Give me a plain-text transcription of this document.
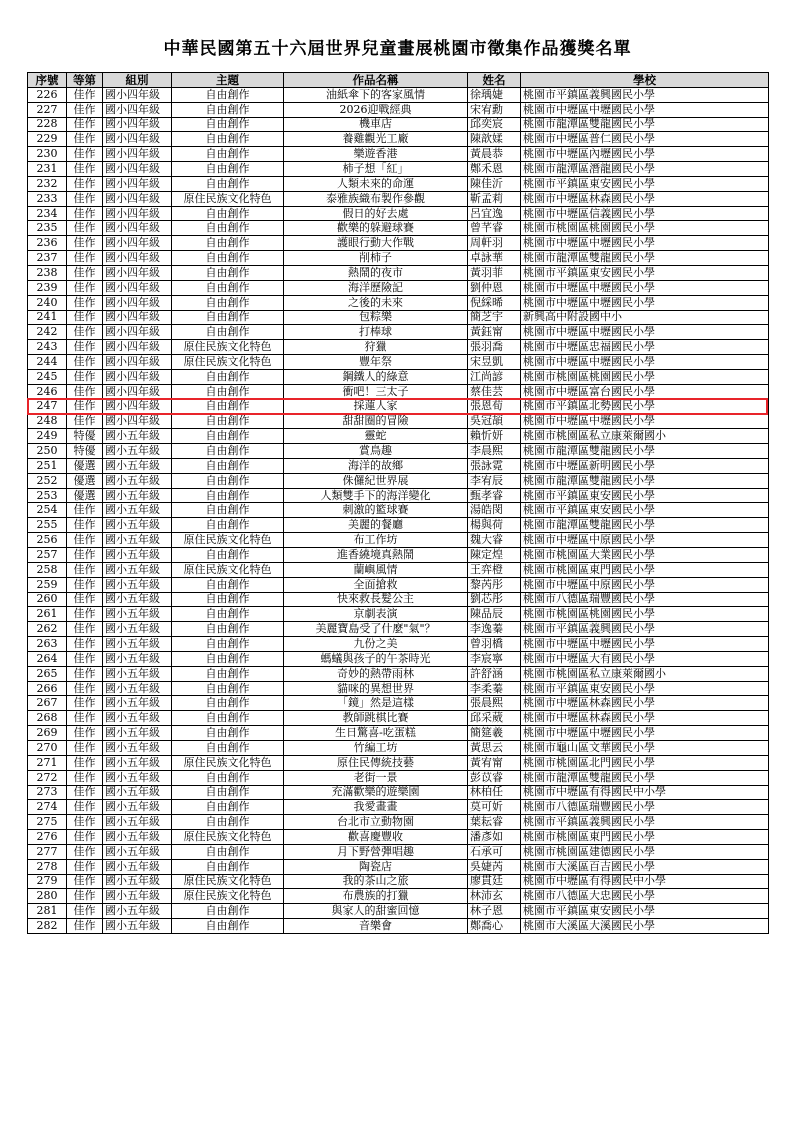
中華民國第五十六屆世界兒童畫展桃園市徵集作品獲獎名單
序號	等第	組別	主題	作品名稱	姓名	學校
226	佳作	國小四年級	自由創作	油紙傘下的客家風情	徐瑀婕	桃園市平鎮區義興國民小學
227	佳作	國小四年級	自由創作	2026迎戰經典	宋宥勳	桃園市中壢區中壢國民小學
228	佳作	國小四年級	自由創作	機車店	邱奕宸	桃園市龍潭區雙龍國民小學
229	佳作	國小四年級	自由創作	養雞觀光工廠	陳歆媃	桃園市中壢區普仁國民小學
230	佳作	國小四年級	自由創作	樂遊香港	黃晨恭	桃園市中壢區內壢國民小學
231	佳作	國小四年級	自由創作	柿子想「紅」	鄭禾恩	桃園市龍潭區潛龍國民小學
232	佳作	國小四年級	自由創作	人類未來的命運	陳佳沂	桃園市平鎮區東安國民小學
233	佳作	國小四年級	原住民族文化特色	泰雅族織布製作參觀	靳孟莉	桃園市中壢區林森國民小學
234	佳作	國小四年級	自由創作	假日的好去處	呂宜逸	桃園市中壢區信義國民小學
235	佳作	國小四年級	自由創作	歡樂的躲避球賽	曾芊睿	桃園市桃園區桃園國民小學
236	佳作	國小四年級	自由創作	護眼行動大作戰	周軒羽	桃園市中壢區中壢國民小學
237	佳作	國小四年級	自由創作	削柿子	卓詠華	桃園市龍潭區雙龍國民小學
238	佳作	國小四年級	自由創作	熱鬧的夜市	黃羽菲	桃園市平鎮區東安國民小學
239	佳作	國小四年級	自由創作	海洋歷險記	劉仲恩	桃園市中壢區中壢國民小學
240	佳作	國小四年級	自由創作	之後的未來	倪綵晞	桃園市中壢區中壢國民小學
241	佳作	國小四年級	自由創作	包粽樂	簡芝宇	新興高中附設國中小
242	佳作	國小四年級	自由創作	打棒球	黃鈺甯	桃園市中壢區中壢國民小學
243	佳作	國小四年級	原住民族文化特色	狩獵	張羽喬	桃園市中壢區忠福國民小學
244	佳作	國小四年級	原住民族文化特色	豐年祭	宋昱凱	桃園市中壢區中壢國民小學
245	佳作	國小四年級	自由創作	鋼鐵人的綠意	江尚諺	桃園市桃園區桃園國民小學
246	佳作	國小四年級	自由創作	衝吧！三太子	蔡佳芸	桃園市中壢區富台國民小學
247	佳作	國小四年級	自由創作	採蓮人家	張恩荀	桃園市平鎮區北勢國民小學
248	佳作	國小四年級	自由創作	甜甜圈的冒險	吳冠頡	桃園市中壢區中壢國民小學
249	特優	國小五年級	自由創作	靈蛇	賴忻妍	桃園市桃園區私立康萊爾國小
250	特優	國小五年級	自由創作	賞鳥趣	李晨熙	桃園市龍潭區雙龍國民小學
251	優選	國小五年級	自由創作	海洋的故鄉	張詠霓	桃園市中壢區新明國民小學
252	優選	國小五年級	自由創作	侏儸紀世界展	李宥辰	桃園市龍潭區雙龍國民小學
253	優選	國小五年級	自由創作	人類雙手下的海洋變化	甄孝睿	桃園市平鎮區東安國民小學
254	佳作	國小五年級	自由創作	刺激的籃球賽	湯皓閔	桃園市平鎮區東安國民小學
255	佳作	國小五年級	自由創作	美麗的餐廳	楊與荷	桃園市龍潭區雙龍國民小學
256	佳作	國小五年級	原住民族文化特色	布工作坊	魏大睿	桃園市中壢區中原國民小學
257	佳作	國小五年級	自由創作	進香繞境真熱鬧	陳定煌	桃園市桃園區大業國民小學
258	佳作	國小五年級	原住民族文化特色	蘭嶼風情	王弈橙	桃園市桃園區東門國民小學
259	佳作	國小五年級	自由創作	全面搶救	黎芮彤	桃園市中壢區中原國民小學
260	佳作	國小五年級	自由創作	快來救長髮公主	劉芯彤	桃園市八德區瑞豐國民小學
261	佳作	國小五年級	自由創作	京劇表演	陳品辰	桃園市桃園區桃園國民小學
262	佳作	國小五年級	自由創作	美麗寶島受了什麼"氣"？	李逸蓁	桃園市平鎮區義興國民小學
263	佳作	國小五年級	自由創作	九份之美	曾羽橋	桃園市中壢區中壢國民小學
264	佳作	國小五年級	自由創作	螞蟻與孩子的午茶時光	李宸寧	桃園市中壢區大有國民小學
265	佳作	國小五年級	自由創作	奇妙的熱帶雨林	許舒涵	桃園市桃園區私立康萊爾國小
266	佳作	國小五年級	自由創作	貓咪的異想世界	李柔蓁	桃園市平鎮區東安國民小學
267	佳作	國小五年級	自由創作	「鏡」然是這樣	張晨熙	桃園市中壢區林森國民小學
268	佳作	國小五年級	自由創作	教師跳棋比賽	邱采葳	桃園市中壢區林森國民小學
269	佳作	國小五年級	自由創作	生日驚喜-吃蛋糕	簡筵羲	桃園市中壢區中壢國民小學
270	佳作	國小五年級	自由創作	竹編工坊	黃思云	桃園市龜山區文華國民小學
271	佳作	國小五年級	原住民族文化特色	原住民傳統技藝	黃宥甯	桃園市桃園區北門國民小學
272	佳作	國小五年級	自由創作	老街一景	彭苡睿	桃園市龍潭區雙龍國民小學
273	佳作	國小五年級	自由創作	充滿歡樂的遊樂園	林柏任	桃園市中壢區有得國民中小學
274	佳作	國小五年級	自由創作	我愛畫畫	莫可妡	桃園市八德區瑞豐國民小學
275	佳作	國小五年級	自由創作	台北市立動物園	葉耘睿	桃園市平鎮區義興國民小學
276	佳作	國小五年級	原住民族文化特色	歡喜慶豐收	潘彥如	桃園市桃園區東門國民小學
277	佳作	國小五年級	自由創作	月下野營彈唱趣	石承可	桃園市桃園區建德國民小學
278	佳作	國小五年級	自由創作	陶瓷店	吳婕芮	桃園市大溪區百吉國民小學
279	佳作	國小五年級	原住民族文化特色	我的茶山之旅	廖貫廷	桃園市中壢區有得國民中小學
280	佳作	國小五年級	原住民族文化特色	布農族的打獵	林沛玄	桃園市八德區大忠國民小學
281	佳作	國小五年級	自由創作	與家人的甜蜜回憶	林子恩	桃園市平鎮區東安國民小學
282	佳作	國小五年級	自由創作	音樂會	鄭喬心	桃園市大溪區大溪國民小學
